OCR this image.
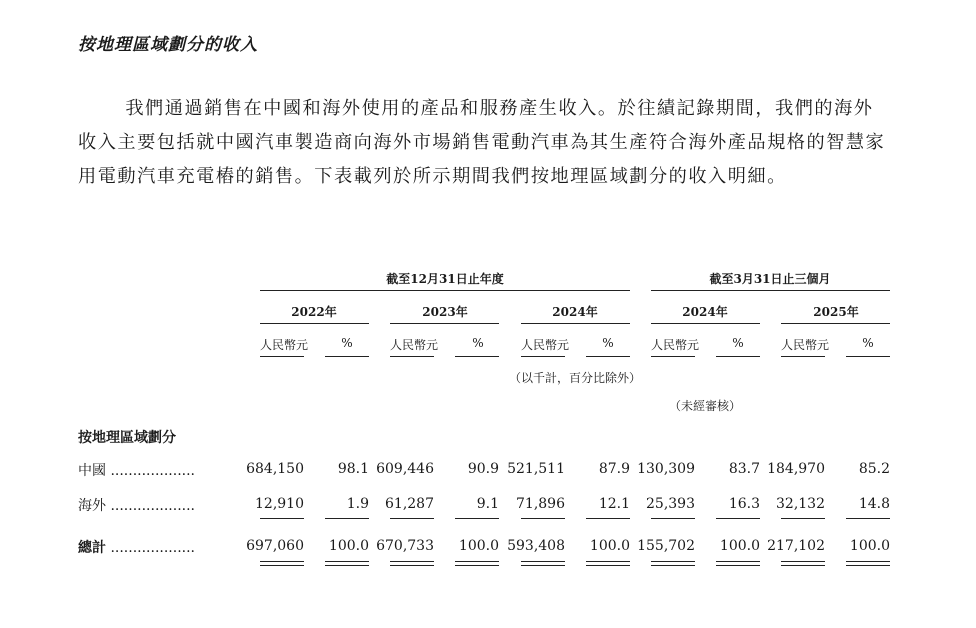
按地理區域劃分的收入

我們通過銷售在中國和海外使用的產品和服務產生收入。於往績記錄期間，我們的海外收入主要包括就中國汽車製造商向海外市場銷售電動汽車為其生產符合海外產品規格的智慧家用電動汽車充電樁的銷售。下表載列於所示期間我們按地理區域劃分的收入明細。

截至12月31日止年度	截至3月31日止三個月
2022年	2023年	2024年	2024年	2025年
人民幣元	%	人民幣元	%	人民幣元	%	人民幣元	%	人民幣元	%
（以千計，百分比除外）
（未經審核）
按地理區域劃分
中國 ...................	684,150 98.1 609,446 90.9 521,511 87.9 130,309 83.7 184,970 85.2
海外 ...................	12,910	1.9 61,287	9.1 71,896 12.1 25,393 16.3 32,132 14.8
總計 ...................	697,060 100.0 670,733 100.0 593,408 100.0 155,702 100.0 217,102 100.0
